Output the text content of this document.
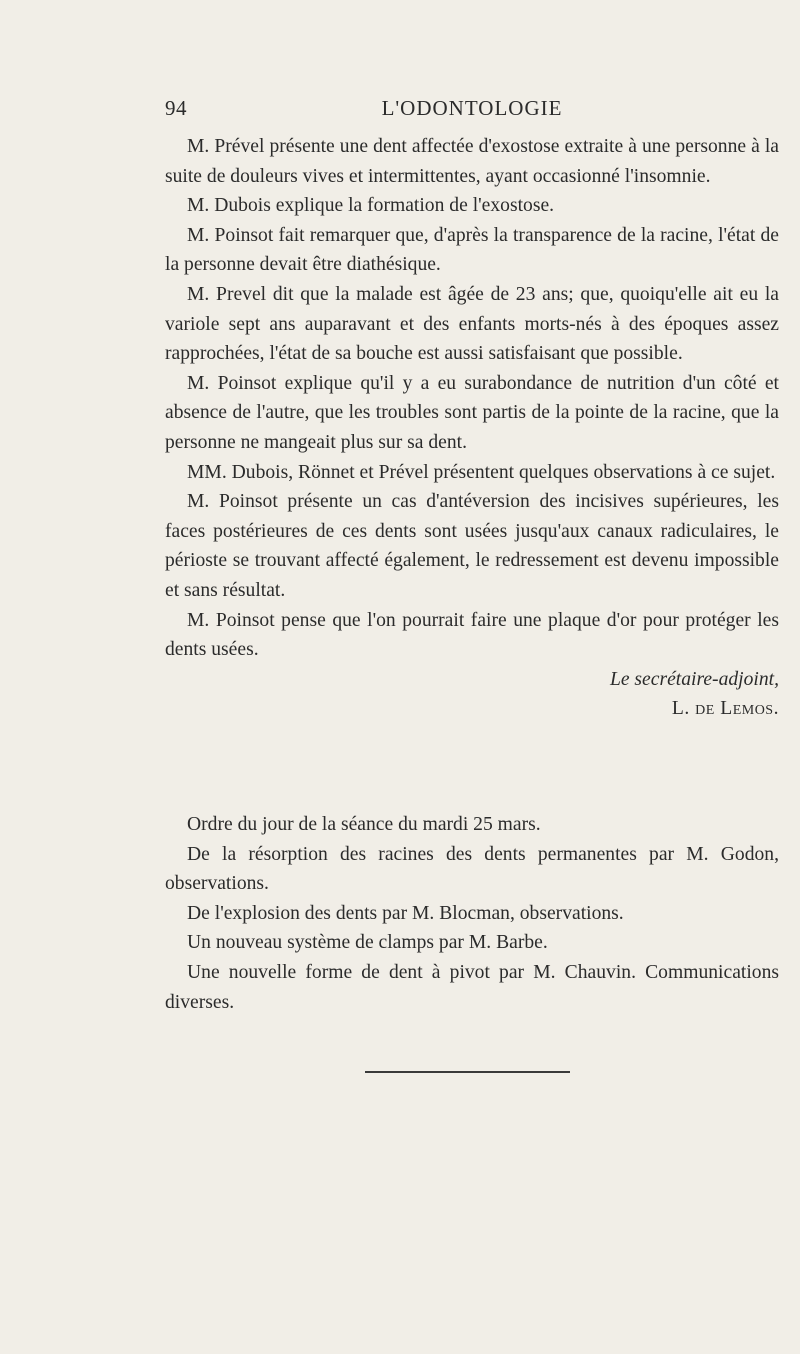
94	L'ODONTOLOGIE

M. Prével présente une dent affectée d'exostose extraite à une personne à la suite de douleurs vives et intermittentes, ayant occasionné l'insomnie.

M. Dubois explique la formation de l'exostose.

M. Poinsot fait remarquer que, d'après la transparence de la racine, l'état de la personne devait être diathésique.

M. Prevel dit que la malade est âgée de 23 ans; que, quoiqu'elle ait eu la variole sept ans auparavant et des enfants morts-nés à des époques assez rapprochées, l'état de sa bouche est aussi satisfaisant que possible.

M. Poinsot explique qu'il y a eu surabondance de nutrition d'un côté et absence de l'autre, que les troubles sont partis de la pointe de la racine, que la personne ne mangeait plus sur sa dent.

MM. Dubois, Rönnet et Prével présentent quelques observations à ce sujet.

M. Poinsot présente un cas d'antéversion des incisives supérieures, les faces postérieures de ces dents sont usées jusqu'aux canaux radiculaires, le périoste se trouvant affecté également, le redressement est devenu impossible et sans résultat.

M. Poinsot pense que l'on pourrait faire une plaque d'or pour protéger les dents usées.

Le secrétaire-adjoint,

L. de Lemos.

Ordre du jour de la séance du mardi 25 mars.

De la résorption des racines des dents permanentes par M. Godon, observations.

De l'explosion des dents par M. Blocman, observations.

Un nouveau système de clamps par M. Barbe.

Une nouvelle forme de dent à pivot par M. Chauvin. Communications diverses.
